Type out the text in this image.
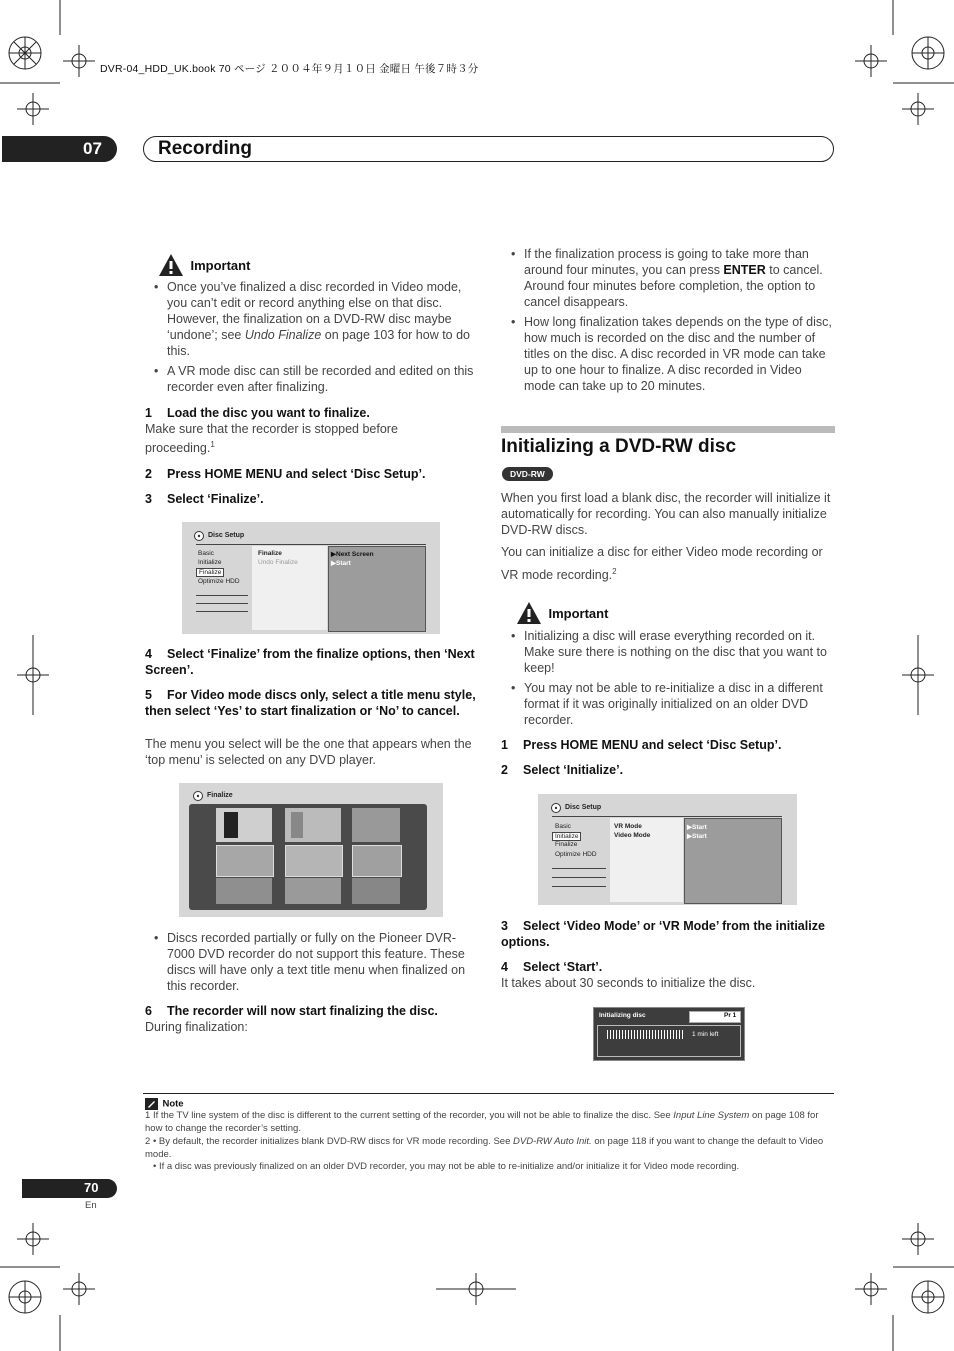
DVR-04_HDD_UK.book 70 ページ ２００４年９月１０日 金曜日 午後７時３分
07	Recording
Important
• Once you’ve finalized a disc recorded in Video mode, you can’t edit or record anything else on that disc. However, the finalization on a DVD-RW disc maybe ‘undone’; see Undo Finalize on page 103 for how to do this.
• A VR mode disc can still be recorded and edited on this recorder even after finalizing.
1 Load the disc you want to finalize.
Make sure that the recorder is stopped before proceeding.$^1$
2 Press HOME MENU and select ‘Disc Setup’.
3 Select ‘Finalize’.
Disc Setup
Basic
Initialize
Finalize
Optimize HDD
Finalize
Undo Finalize
▶Next Screen
▶Start
4 Select ‘Finalize’ from the finalize options, then ‘Next Screen’.
5 For Video mode discs only, select a title menu style, then select ‘Yes’ to start finalization or ‘No’ to cancel.
The menu you select will be the one that appears when the ‘top menu’ is selected on any DVD player.
Finalize
• Discs recorded partially or fully on the Pioneer DVR-7000 DVD recorder do not support this feature. These discs will have only a text title menu when finalized on this recorder.
6 The recorder will now start finalizing the disc.
During finalization:
• If the finalization process is going to take more than around four minutes, you can press ENTER to cancel. Around four minutes before completion, the option to cancel disappears.
• How long finalization takes depends on the type of disc, how much is recorded on the disc and the number of titles on the disc. A disc recorded in VR mode can take up to one hour to finalize. A disc recorded in Video mode can take up to 20 minutes.
Initializing a DVD-RW disc
DVD-RW
When you first load a blank disc, the recorder will initialize it automatically for recording. You can also manually initialize DVD-RW discs.
You can initialize a disc for either Video mode recording or VR mode recording.$^2$
Important
• Initializing a disc will erase everything recorded on it. Make sure there is nothing on the disc that you want to keep!
• You may not be able to re-initialize a disc in a different format if it was originally initialized on an older DVD recorder.
1 Press HOME MENU and select ‘Disc Setup’.
2 Select ‘Initialize’.
Disc Setup
Basic
Initialize
Finalize
Optimize HDD
VR Mode
Video Mode
▶Start
▶Start
3 Select ‘Video Mode’ or ‘VR Mode’ from the initialize options.
4 Select ‘Start’.
It takes about 30 seconds to initialize the disc.
Initializing disc	Pr 1
1 min left
Note
1 If the TV line system of the disc is different to the current setting of the recorder, you will not be able to finalize the disc. See Input Line System on page 108 for how to change the recorder’s setting.
2 • By default, the recorder initializes blank DVD-RW discs for VR mode recording. See DVD-RW Auto Init. on page 118 if you want to change the default to Video mode.
• If a disc was previously finalized on an older DVD recorder, you may not be able to re-initialize and/or initialize it for Video mode recording.
70
En
